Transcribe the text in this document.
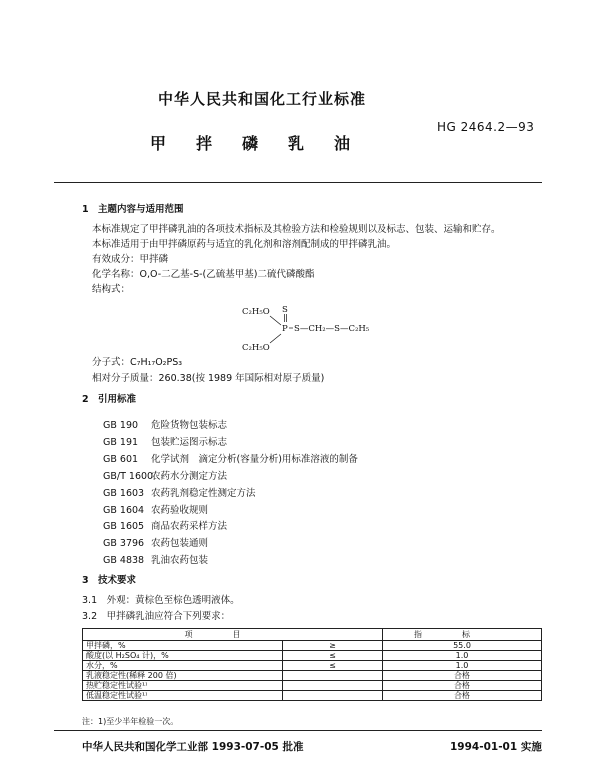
中华人民共和国化工行业标准
甲拌磷乳油
HG 2464.2—93
1 主题内容与适用范围
本标准规定了甲拌磷乳油的各项技术指标及其检验方法和检验规则以及标志、包装、运输和贮存。
本标准适用于由甲拌磷原药与适宜的乳化剂和溶剂配制成的甲拌磷乳油。
有效成分：甲拌磷
化学名称：O,O-二乙基-S-(乙硫基甲基)二硫代磷酸酯
结构式：
C₂H₅O S
P S—CH₂—S—C₂H₅
C₂H₅O
分子式：C₇H₁₇O₂PS₃
相对分子质量：260.38(按 1989 年国际相对原子质量)
2 引用标准
GB 190 危险货物包装标志
GB 191 包装贮运图示标志
GB 601 化学试剂　滴定分析(容量分析)用标准溶液的制备
GB/T 1600农药水分测定方法
GB 1603 农药乳剂稳定性测定方法
GB 1604 农药验收规则
GB 1605 商品农药采样方法
GB 3796 农药包装通则
GB 4838 乳油农药包装
3 技术要求
3.1　外观：黄棕色至棕色透明液体。
3.2　甲拌磷乳油应符合下列要求：
项目		指标
甲拌磷，%	≥	55.0
酸度(以 H₂SO₄ 计)，%	≤	1.0
水分，%	≤	1.0
乳液稳定性(稀释 200 倍)		合格
热贮稳定性试验¹⁾		合格
低温稳定性试验¹⁾		合格
注：1)至少半年检验一次。
中华人民共和国化学工业部 1993-07-05 批准	1994-01-01 实施
